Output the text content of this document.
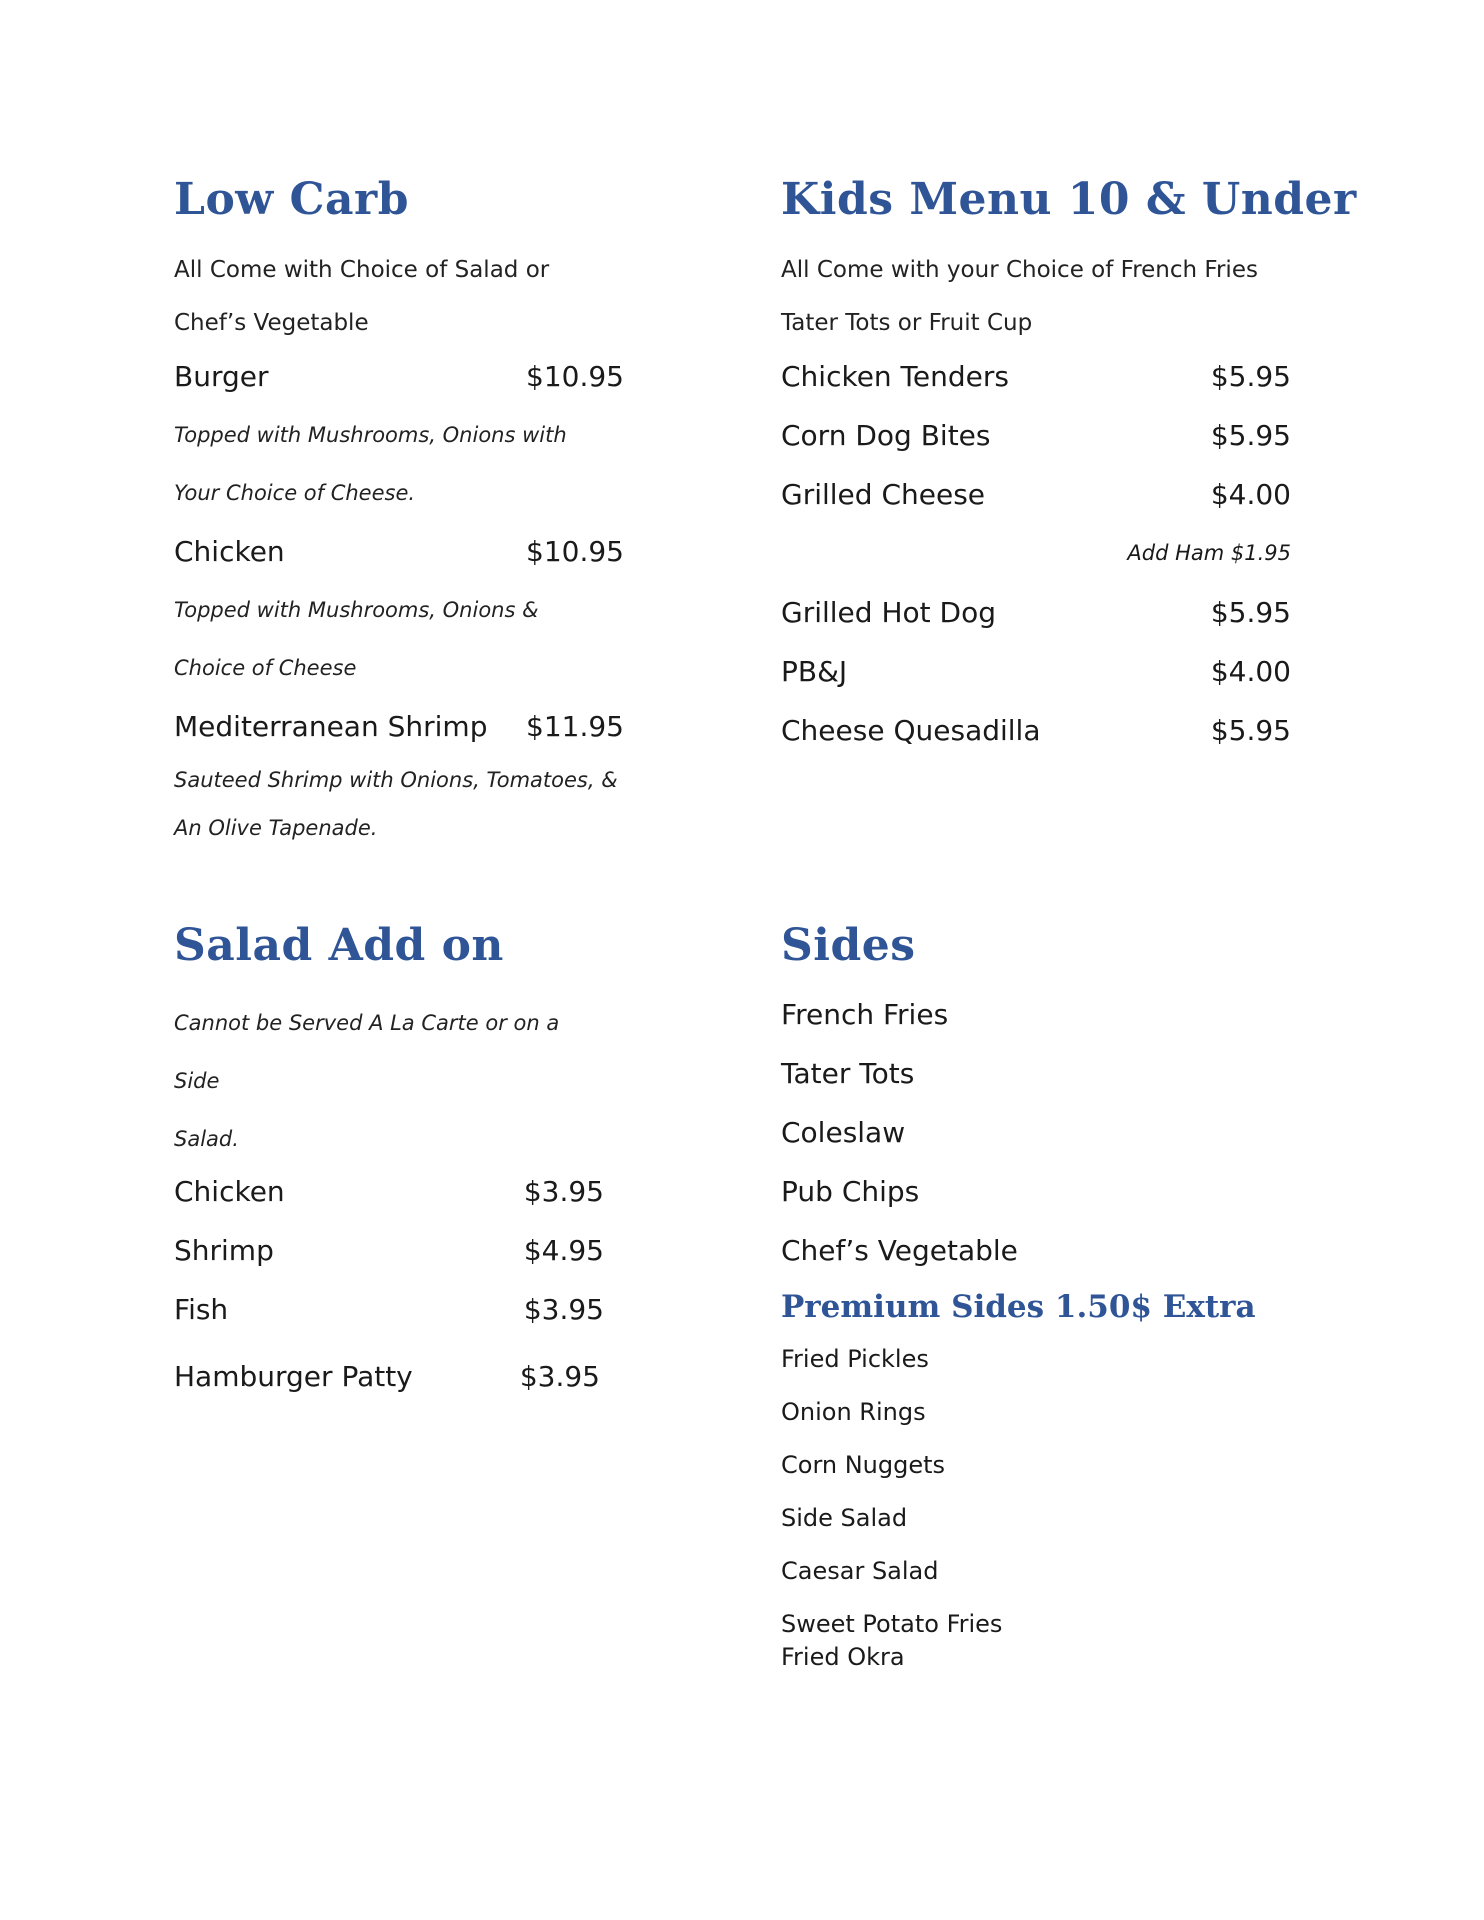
Low Carb
All Come with Choice of Salad or
Chef’s Vegetable
Burger	$10.95
Topped with Mushrooms, Onions with
Your Choice of Cheese.
Chicken	$10.95
Topped with Mushrooms, Onions &
Choice of Cheese
Mediterranean Shrimp $11.95
Sauteed Shrimp with Onions, Tomatoes, &
An Olive Tapenade.
Kids Menu 10 & Under
All Come with your Choice of French Fries
Tater Tots or Fruit Cup
Chicken Tenders	$5.95
Corn Dog Bites	$5.95
Grilled Cheese	$4.00
Add Ham $1.95
Grilled Hot Dog	$5.95
PB&J	$4.00
Cheese Quesadilla	$5.95
Salad Add on
Cannot be Served A La Carte or on a Side
Salad.
Chicken	$3.95
Shrimp	$4.95
Fish	$3.95
Hamburger Patty	$3.95
Sides
French Fries
Tater Tots
Coleslaw
Pub Chips
Chef’s Vegetable
Premium Sides 1.50$ Extra
Fried Pickles
Onion Rings
Corn Nuggets
Side Salad
Caesar Salad
Sweet Potato Fries
Fried Okra
